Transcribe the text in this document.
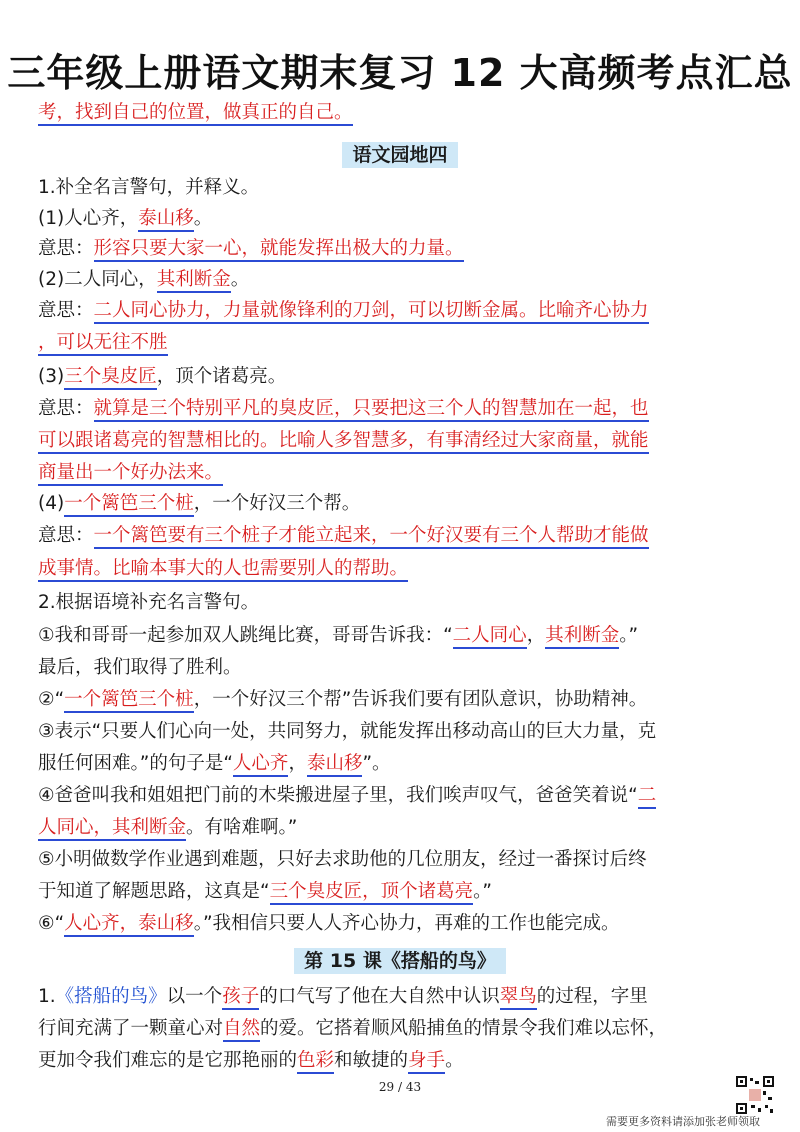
三年级上册语文期末复习 12 大高频考点汇总
考，找到自己的位置，做真正的自己。
语文园地四
1.补全名言警句，并释义。
(1)人心齐，泰山移。
意思：形容只要大家一心，就能发挥出极大的力量。
(2)二人同心，其利断金。
意思：二人同心协力，力量就像锋利的刀剑，可以切断金属。比喻齐心协力
，可以无往不胜
(3)三个臭皮匠，顶个诸葛亮。
意思：就算是三个特别平凡的臭皮匠，只要把这三个人的智慧加在一起，也
可以跟诸葛亮的智慧相比的。比喻人多智慧多，有事清经过大家商量，就能
商量出一个好办法来。
(4)一个篱笆三个桩，一个好汉三个帮。
意思：一个篱笆要有三个桩子才能立起来，一个好汉要有三个人帮助才能做
成事情。比喻本事大的人也需要别人的帮助。
2.根据语境补充名言警句。
①我和哥哥一起参加双人跳绳比赛，哥哥告诉我：“二人同心，其利断金。”
最后，我们取得了胜利。
②“一个篱笆三个桩，一个好汉三个帮”告诉我们要有团队意识，协助精神。
③表示“只要人们心向一处，共同努力，就能发挥出移动高山的巨大力量，克
服任何困难。”的句子是“人心齐，泰山移”。
④爸爸叫我和姐姐把门前的木柴搬进屋子里，我们唉声叹气，爸爸笑着说“二
人同心，其利断金。有啥难啊。”
⑤小明做数学作业遇到难题，只好去求助他的几位朋友，经过一番探讨后终
于知道了解题思路，这真是“三个臭皮匠，顶个诸葛亮。”
⑥“人心齐，泰山移。”我相信只要人人齐心协力，再难的工作也能完成。
第 15 课《搭船的鸟》
1.《搭船的鸟》以一个孩子的口气写了他在大自然中认识翠鸟的过程，字里
行间充满了一颗童心对自然的爱。它搭着顺风船捕鱼的情景令我们难以忘怀，
更加令我们难忘的是它那艳丽的色彩和敏捷的身手。
29 / 43
需要更多资料请添加张老师领取
